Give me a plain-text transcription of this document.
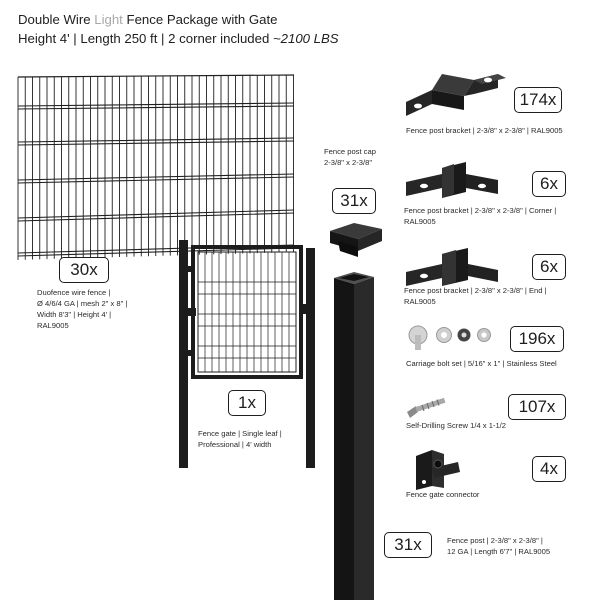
Double Wire Light Fence Package with Gate
Height 4' | Length 250 ft | 2 corner included ~2100 LBS
30x
1x
31x
31x
174x
6x
6x
196x
107x
4x
Duofence wire fence |
Ø 4/6/4 GA | mesh 2" x 8" |
Width 8'3" | Height 4' |
RAL9005
Fence gate | Single leaf |
Professional | 4' width
Fence post cap
2-3/8" x 2-3/8"
Fence post | 2-3/8" x 2-3/8" |
12 GA | Length 6'7" | RAL9005
Fence post bracket | 2-3/8" x 2-3/8" | RAL9005
Fence post bracket | 2-3/8" x 2-3/8" | Corner |
RAL9005
Fence post bracket | 2-3/8" x 2-3/8" | End |
RAL9005
Carriage bolt set | 5/16" x 1" | Stainless Steel
Self-Drilling Screw 1/4 x 1-1/2
Fence gate connector
